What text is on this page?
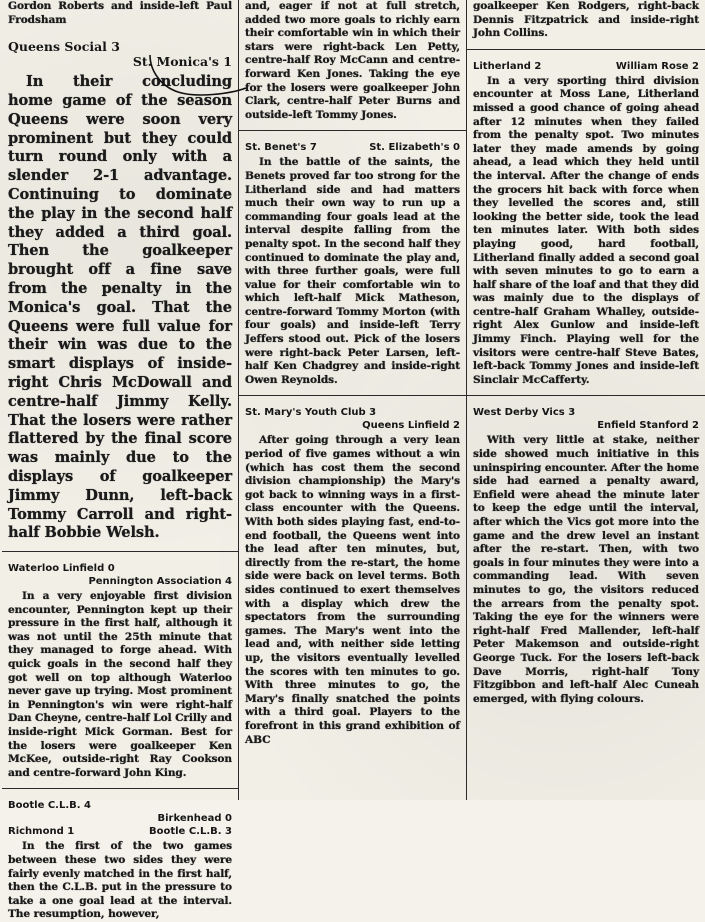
Gordon Roberts and inside-left Paul Frodsham

Queens Social 3
St. Monica's 1

In their concluding home game of the season Queens were soon very prominent but they could turn round only with a slender 2-1 advantage. Continuing to dominate the play in the second half they added a third goal. Then the goalkeeper brought off a fine save from the penalty in the Monica's goal. That the Queens were full value for their win was due to the smart displays of inside-right Chris McDowall and centre-half Jimmy Kelly. That the losers were rather flattered by the final score was mainly due to the displays of goalkeeper Jimmy Dunn, left-back Tommy Carroll and right-half Bobbie Welsh.

Waterloo Linfield 0
Pennington Association 4

In a very enjoyable first division encounter, Pennington kept up their pressure in the first half, although it was not until the 25th minute that they managed to forge ahead. With quick goals in the second half they got well on top although Waterloo never gave up trying. Most prominent in Pennington's win were right-half Dan Cheyne, centre-half Lol Crilly and inside-right Mick Gorman. Best for the losers were goalkeeper Ken McKee, outside-right Ray Cookson and centre-forward John King.

Bootle C.L.B. 4
Birkenhead 0
Richmond 1	Bootle C.L.B. 3

In the first of the two games between these two sides they were fairly evenly matched in the first half, then the C.L.B. put in the pressure to take a one goal lead at the interval. The resumption, however,

and, eager if not at full stretch, added two more goals to richly earn their comfortable win in which their stars were right-back Len Petty, centre-half Roy McCann and centre-forward Ken Jones. Taking the eye for the losers were goalkeeper John Clark, centre-half Peter Burns and outside-left Tommy Jones.

St. Benet's 7	St. Elizabeth's 0

In the battle of the saints, the Benets proved far too strong for the Litherland side and had matters much their own way to run up a commanding four goals lead at the interval despite falling from the penalty spot. In the second half they continued to dominate the play and, with three further goals, were full value for their comfortable win to which left-half Mick Matheson, centre-forward Tommy Morton (with four goals) and inside-left Terry Jeffers stood out. Pick of the losers were right-back Peter Larsen, left-half Ken Chadgrey and inside-right Owen Reynolds.

St. Mary's Youth Club 3
Queens Linfield 2

After going through a very lean period of five games without a win (which has cost them the second division championship) the Mary's got back to winning ways in a first-class encounter with the Queens. With both sides playing fast, end-to-end football, the Queens went into the lead after ten minutes, but, directly from the re-start, the home side were back on level terms. Both sides continued to exert themselves with a display which drew the spectators from the surrounding games. The Mary's went into the lead and, with neither side letting up, the visitors eventually levelled the scores with ten minutes to go. With three minutes to go, the Mary's finally snatched the points with a third goal. Players to the forefront in this grand exhibition of ABC

goalkeeper Ken Rodgers, right-back Dennis Fitzpatrick and inside-right John Collins.

Litherland 2	William Rose 2

In a very sporting third division encounter at Moss Lane, Litherland missed a good chance of going ahead after 12 minutes when they failed from the penalty spot. Two minutes later they made amends by going ahead, a lead which they held until the interval. After the change of ends the grocers hit back with force when they levelled the scores and, still looking the better side, took the lead ten minutes later. With both sides playing good, hard football, Litherland finally added a second goal with seven minutes to go to earn a half share of the loaf and that they did was mainly due to the displays of centre-half Graham Whalley, outside-right Alex Gunlow and inside-left Jimmy Finch. Playing well for the visitors were centre-half Steve Bates, left-back Tommy Jones and inside-left Sinclair McCafferty.

West Derby Vics 3
Enfield Stanford 2

With very little at stake, neither side showed much initiative in this uninspiring encounter. After the home side had earned a penalty award, Enfield were ahead the minute later to keep the edge until the interval, after which the Vics got more into the game and the drew level an instant after the re-start. Then, with two goals in four minutes they were into a commanding lead. With seven minutes to go, the visitors reduced the arrears from the penalty spot. Taking the eye for the winners were right-half Fred Mallender, left-half Peter Makemson and outside-right George Tuck. For the losers left-back Dave Morris, right-half Tony Fitzgibbon and left-half Alec Cuneah emerged, with flying colours.
